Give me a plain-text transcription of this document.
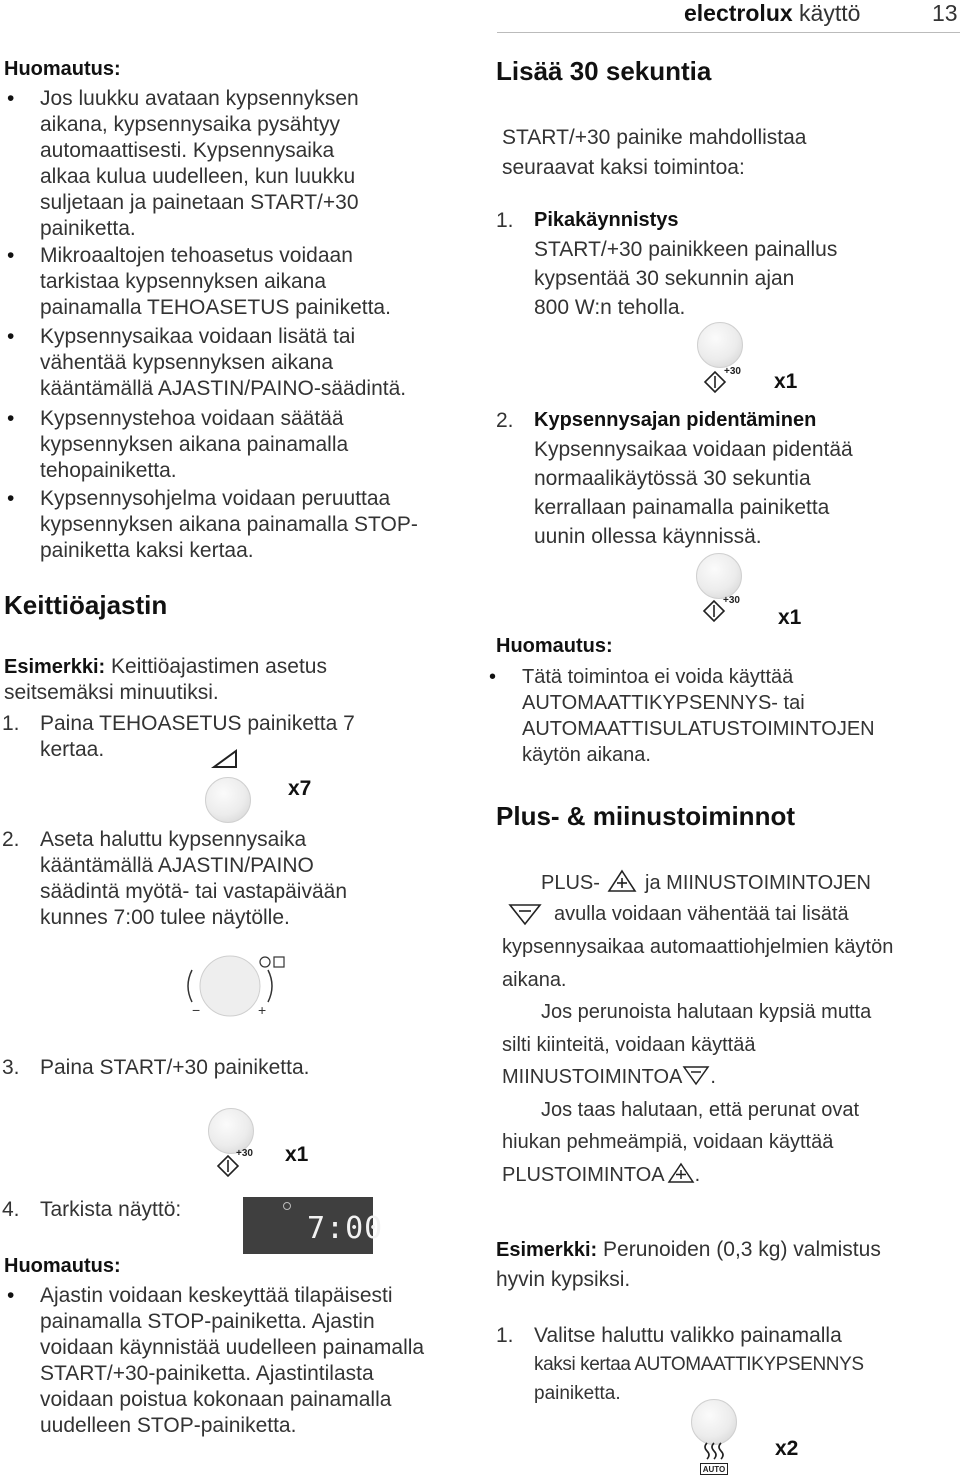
electrolux käyttö	13
Huomautus:
• Jos luukku avataan kypsennyksen
aikana, kypsennysaika pysähtyy
automaattisesti. Kypsennysaika
alkaa kulua uudelleen, kun luukku
suljetaan ja painetaan START/+30
painiketta.
• Mikroaaltojen tehoasetus voidaan
tarkistaa kypsennyksen aikana
painamalla TEHOASETUS painiketta.
• Kypsennysaikaa voidaan lisätä tai
vähentää kypsennyksen aikana
kääntämällä AJASTIN/PAINO-säädintä.
• Kypsennystehoa voidaan säätää
kypsennyksen aikana painamalla
tehopainiketta.
• Kypsennysohjelma voidaan peruuttaa
kypsennyksen aikana painamalla STOP-
painiketta kaksi kertaa.
Keittiöajastin
Esimerkki: Keittiöajastimen asetus
seitsemäksi minuutiksi.
1. Paina TEHOASETUS painiketta 7
kertaa.
x7
2. Aseta haluttu kypsennysaika
kääntämällä AJASTIN/PAINO
säädintä myötä- tai vastapäivään
kunnes 7:00 tulee näytölle.
−	+
3. Paina START/+30 painiketta.
+30 x1
4. Tarkista näyttö:
7:00
Huomautus:
• Ajastin voidaan keskeyttää tilapäisesti
painamalla STOP-painiketta. Ajastin
voidaan käynnistää uudelleen painamalla
START/+30-painiketta. Ajastintilasta
voidaan poistua kokonaan painamalla
uudelleen STOP-painiketta.
Lisää 30 sekuntia
START/+30 painike mahdollistaa
seuraavat kaksi toimintoa:
1. Pikakäynnistys
START/+30 painikkeen painallus
kypsentää 30 sekunnin ajan
800 W:n teholla.
+30 x1
2. Kypsennysajan pidentäminen
Kypsennysaikaa voidaan pidentää
normaalikäytössä 30 sekuntia
kerrallaan painamalla painiketta
uunin ollessa käynnissä.
+30
x1
Huomautus:
• Tätä toimintoa ei voida käyttää
AUTOMAATTIKYPSENNYS- tai
AUTOMAATTISULATUSTOIMINTOJEN
käytön aikana.
Plus- & miinustoiminnot
PLUS- ja MIINUSTOIMINTOJEN
avulla voidaan vähentää tai lisätä
kypsennysaikaa automaattiohjelmien käytön
aikana.
Jos perunoista halutaan kypsiä mutta
silti kiinteitä, voidaan käyttää
MIINUSTOIMINTOA .
Jos taas halutaan, että perunat ovat
hiukan pehmeämpiä, voidaan käyttää
PLUSTOIMINTOA .
Esimerkki: Perunoiden (0,3 kg) valmistus
hyvin kypsiksi.
1. Valitse haluttu valikko painamalla
kaksi kertaa AUTOMAATTIKYPSENNYS
painiketta.
AUTO
x2
